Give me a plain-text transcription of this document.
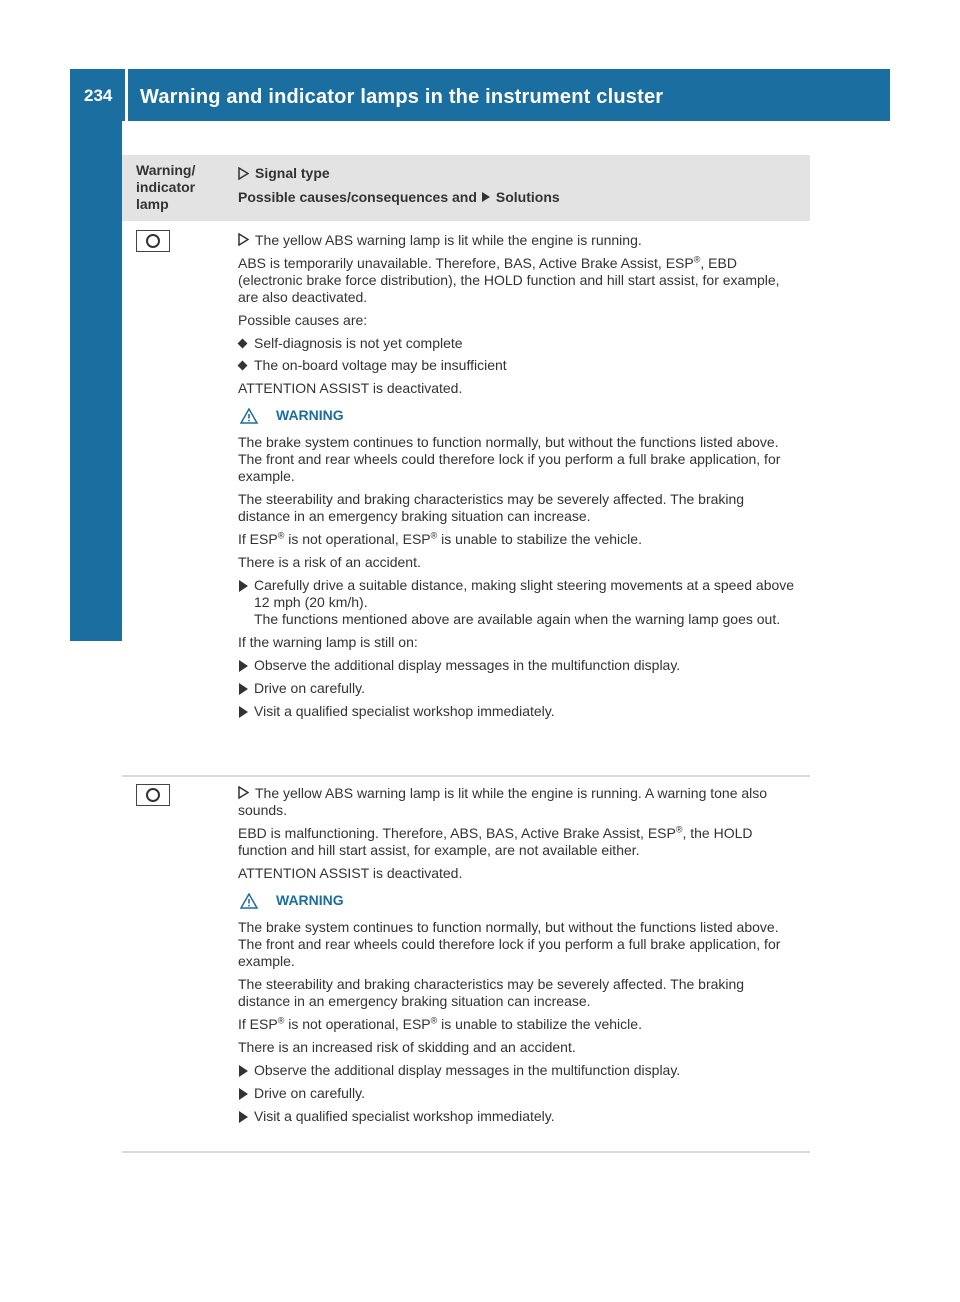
234 Warning and indicator lamps in the instrument cluster
On-board computer and displays
Warning/
indicator
lamp
Signal type
Possible causes/consequences and Solutions

The yellow ABS warning lamp is lit while the engine is running.

ABS is temporarily unavailable. Therefore, BAS, Active Brake Assist, ESP®, EBD (electronic brake force distribution), the HOLD function and hill start assist, for example, are also deactivated.

Possible causes are:

Self-diagnosis is not yet complete
The on-board voltage may be insufficient

ATTENTION ASSIST is deactivated.

WARNING

The brake system continues to function normally, but without the functions listed above. The front and rear wheels could therefore lock if you perform a full brake application, for example.

The steerability and braking characteristics may be severely affected. The braking distance in an emergency braking situation can increase.

If ESP® is not operational, ESP® is unable to stabilize the vehicle.

There is a risk of an accident.

Carefully drive a suitable distance, making slight steering movements at a speed above 12 mph (20 km/h).
The functions mentioned above are available again when the warning lamp goes out.

If the warning lamp is still on:

Observe the additional display messages in the multifunction display.
Drive on carefully.
Visit a qualified specialist workshop immediately.

The yellow ABS warning lamp is lit while the engine is running. A warning tone also sounds.

EBD is malfunctioning. Therefore, ABS, BAS, Active Brake Assist, ESP®, the HOLD function and hill start assist, for example, are not available either.

ATTENTION ASSIST is deactivated.

WARNING

The brake system continues to function normally, but without the functions listed above. The front and rear wheels could therefore lock if you perform a full brake application, for example.

The steerability and braking characteristics may be severely affected. The braking distance in an emergency braking situation can increase.

If ESP® is not operational, ESP® is unable to stabilize the vehicle.

There is an increased risk of skidding and an accident.

Observe the additional display messages in the multifunction display.
Drive on carefully.
Visit a qualified specialist workshop immediately.
